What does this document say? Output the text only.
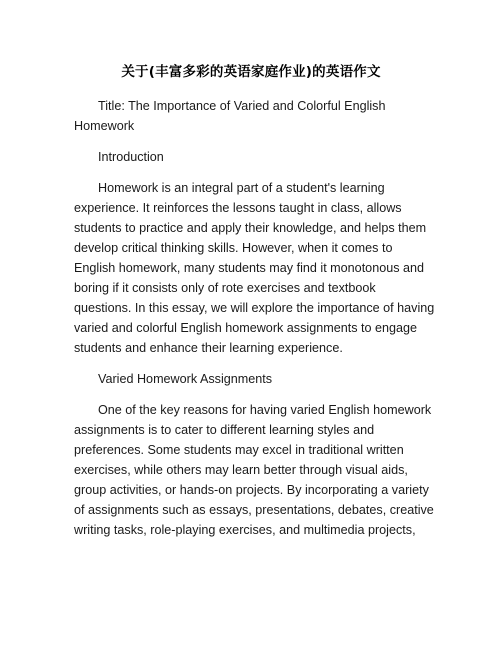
关于(丰富多彩的英语家庭作业)的英语作文

Title: The Importance of Varied and Colorful English Homework

Introduction

Homework is an integral part of a student's learning experience. It reinforces the lessons taught in class, allows students to practice and apply their knowledge, and helps them develop critical thinking skills. However, when it comes to English homework, many students may find it monotonous and boring if it consists only of rote exercises and textbook questions. In this essay, we will explore the importance of having varied and colorful English homework assignments to engage students and enhance their learning experience.

Varied Homework Assignments

One of the key reasons for having varied English homework assignments is to cater to different learning styles and preferences. Some students may excel in traditional written exercises, while others may learn better through visual aids, group activities, or hands-on projects. By incorporating a variety of assignments such as essays, presentations, debates, creative writing tasks, role-playing exercises, and multimedia projects,
